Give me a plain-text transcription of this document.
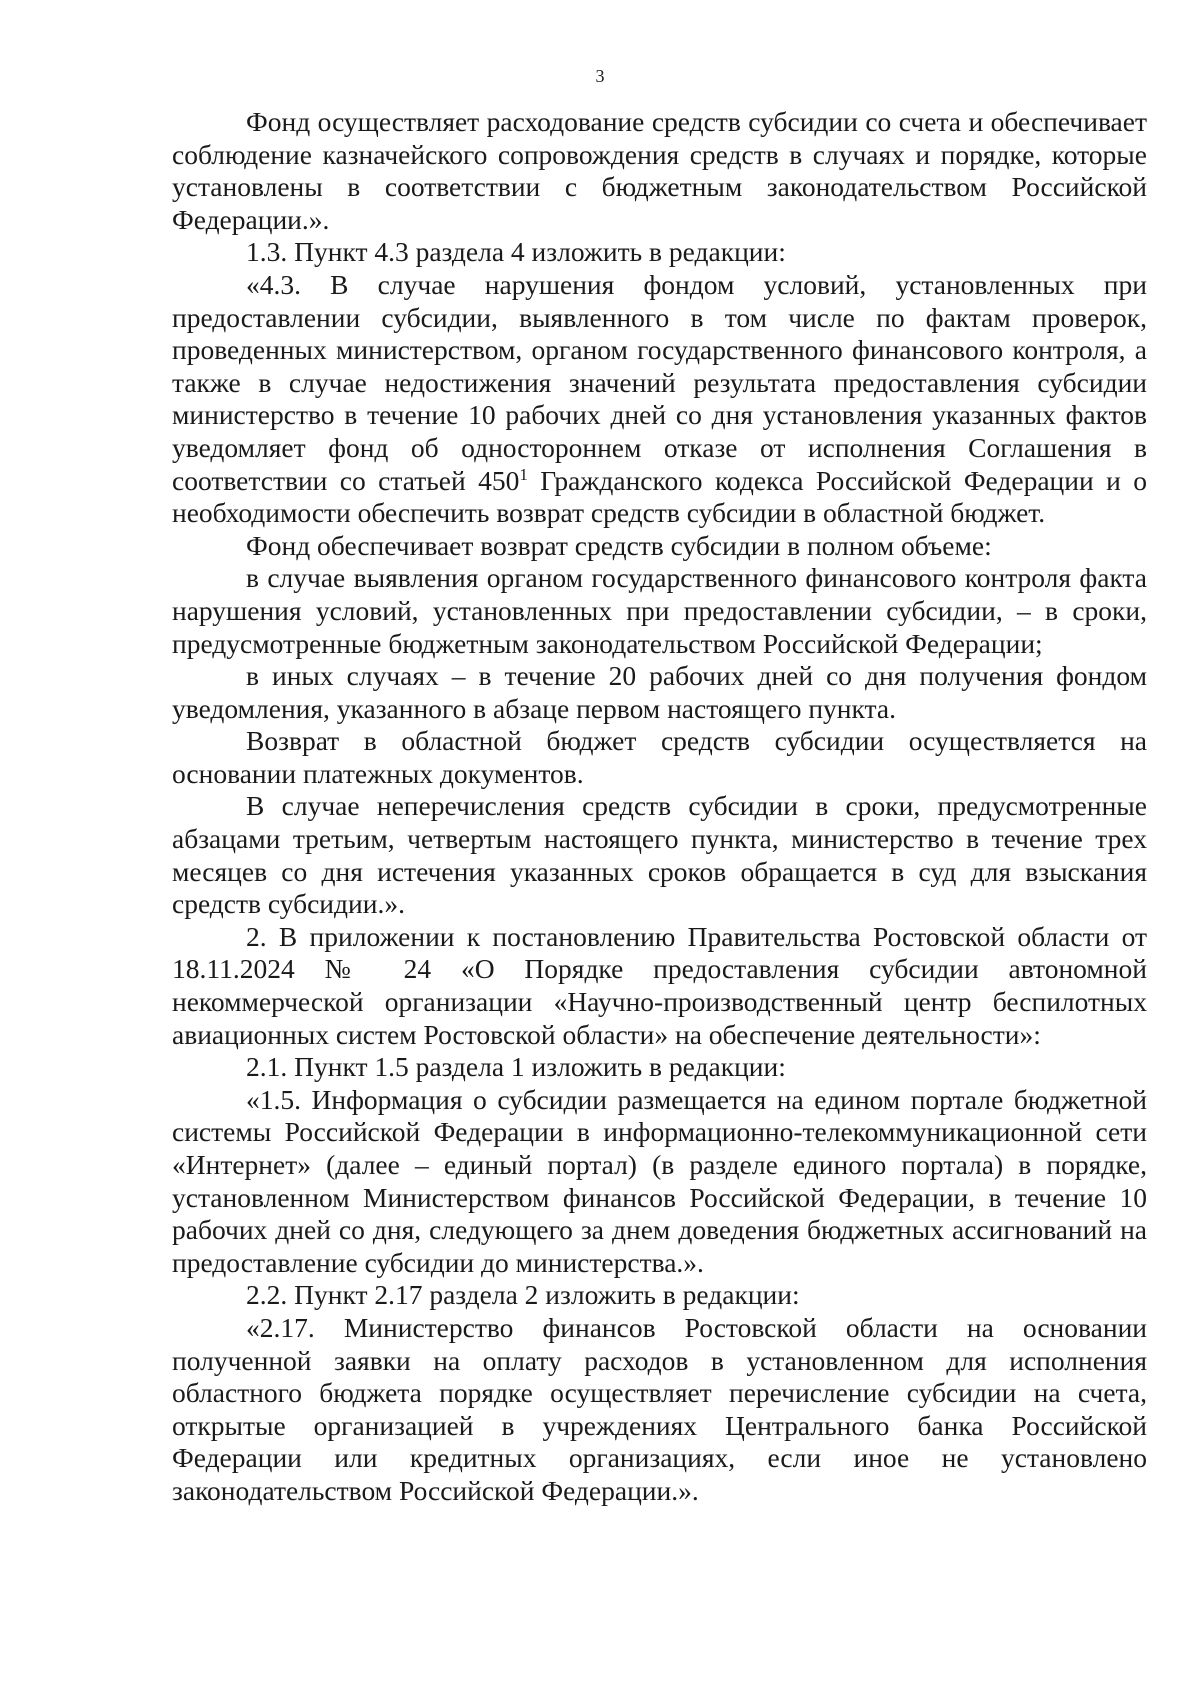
3

Фонд осуществляет расходование средств субсидии со счета и обеспечивает соблюдение казначейского сопровождения средств в случаях и порядке, которые установлены в соответствии с бюджетным законодательством Российской Федерации.».

1.3. Пункт 4.3 раздела 4 изложить в редакции:

«4.3. В случае нарушения фондом условий, установленных при предоставлении субсидии, выявленного в том числе по фактам проверок, проведенных министерством, органом государственного финансового контроля, а также в случае недостижения значений результата предоставления субсидии министерство в течение 10 рабочих дней со дня установления указанных фактов уведомляет фонд об одностороннем отказе от исполнения Соглашения в соответствии со статьей $450^1$ Гражданского кодекса Российской Федерации и о необходимости обеспечить возврат средств субсидии в областной бюджет.

Фонд обеспечивает возврат средств субсидии в полном объеме:

в случае выявления органом государственного финансового контроля факта нарушения условий, установленных при предоставлении субсидии, – в сроки, предусмотренные бюджетным законодательством Российской Федерации;

в иных случаях – в течение 20 рабочих дней со дня получения фондом уведомления, указанного в абзаце первом настоящего пункта.

Возврат в областной бюджет средств субсидии осуществляется на основании платежных документов.

В случае неперечисления средств субсидии в сроки, предусмотренные абзацами третьим, четвертым настоящего пункта, министерство в течение трех месяцев со дня истечения указанных сроков обращается в суд для взыскания средств субсидии.».

2. В приложении к постановлению Правительства Ростовской области от 18.11.2024 № 24 «О Порядке предоставления субсидии автономной некоммерческой организации «Научно-производственный центр беспилотных авиационных систем Ростовской области» на обеспечение деятельности»:

2.1. Пункт 1.5 раздела 1 изложить в редакции:

«1.5. Информация о субсидии размещается на едином портале бюджетной системы Российской Федерации в информационно-телекоммуникационной сети «Интернет» (далее – единый портал) (в разделе единого портала) в порядке, установленном Министерством финансов Российской Федерации, в течение 10 рабочих дней со дня, следующего за днем доведения бюджетных ассигнований на предоставление субсидии до министерства.».

2.2. Пункт 2.17 раздела 2 изложить в редакции:

«2.17. Министерство финансов Ростовской области на основании полученной заявки на оплату расходов в установленном для исполнения областного бюджета порядке осуществляет перечисление субсидии на счета, открытые организацией в учреждениях Центрального банка Российской Федерации или кредитных организациях, если иное не установлено законодательством Российской Федерации.».
